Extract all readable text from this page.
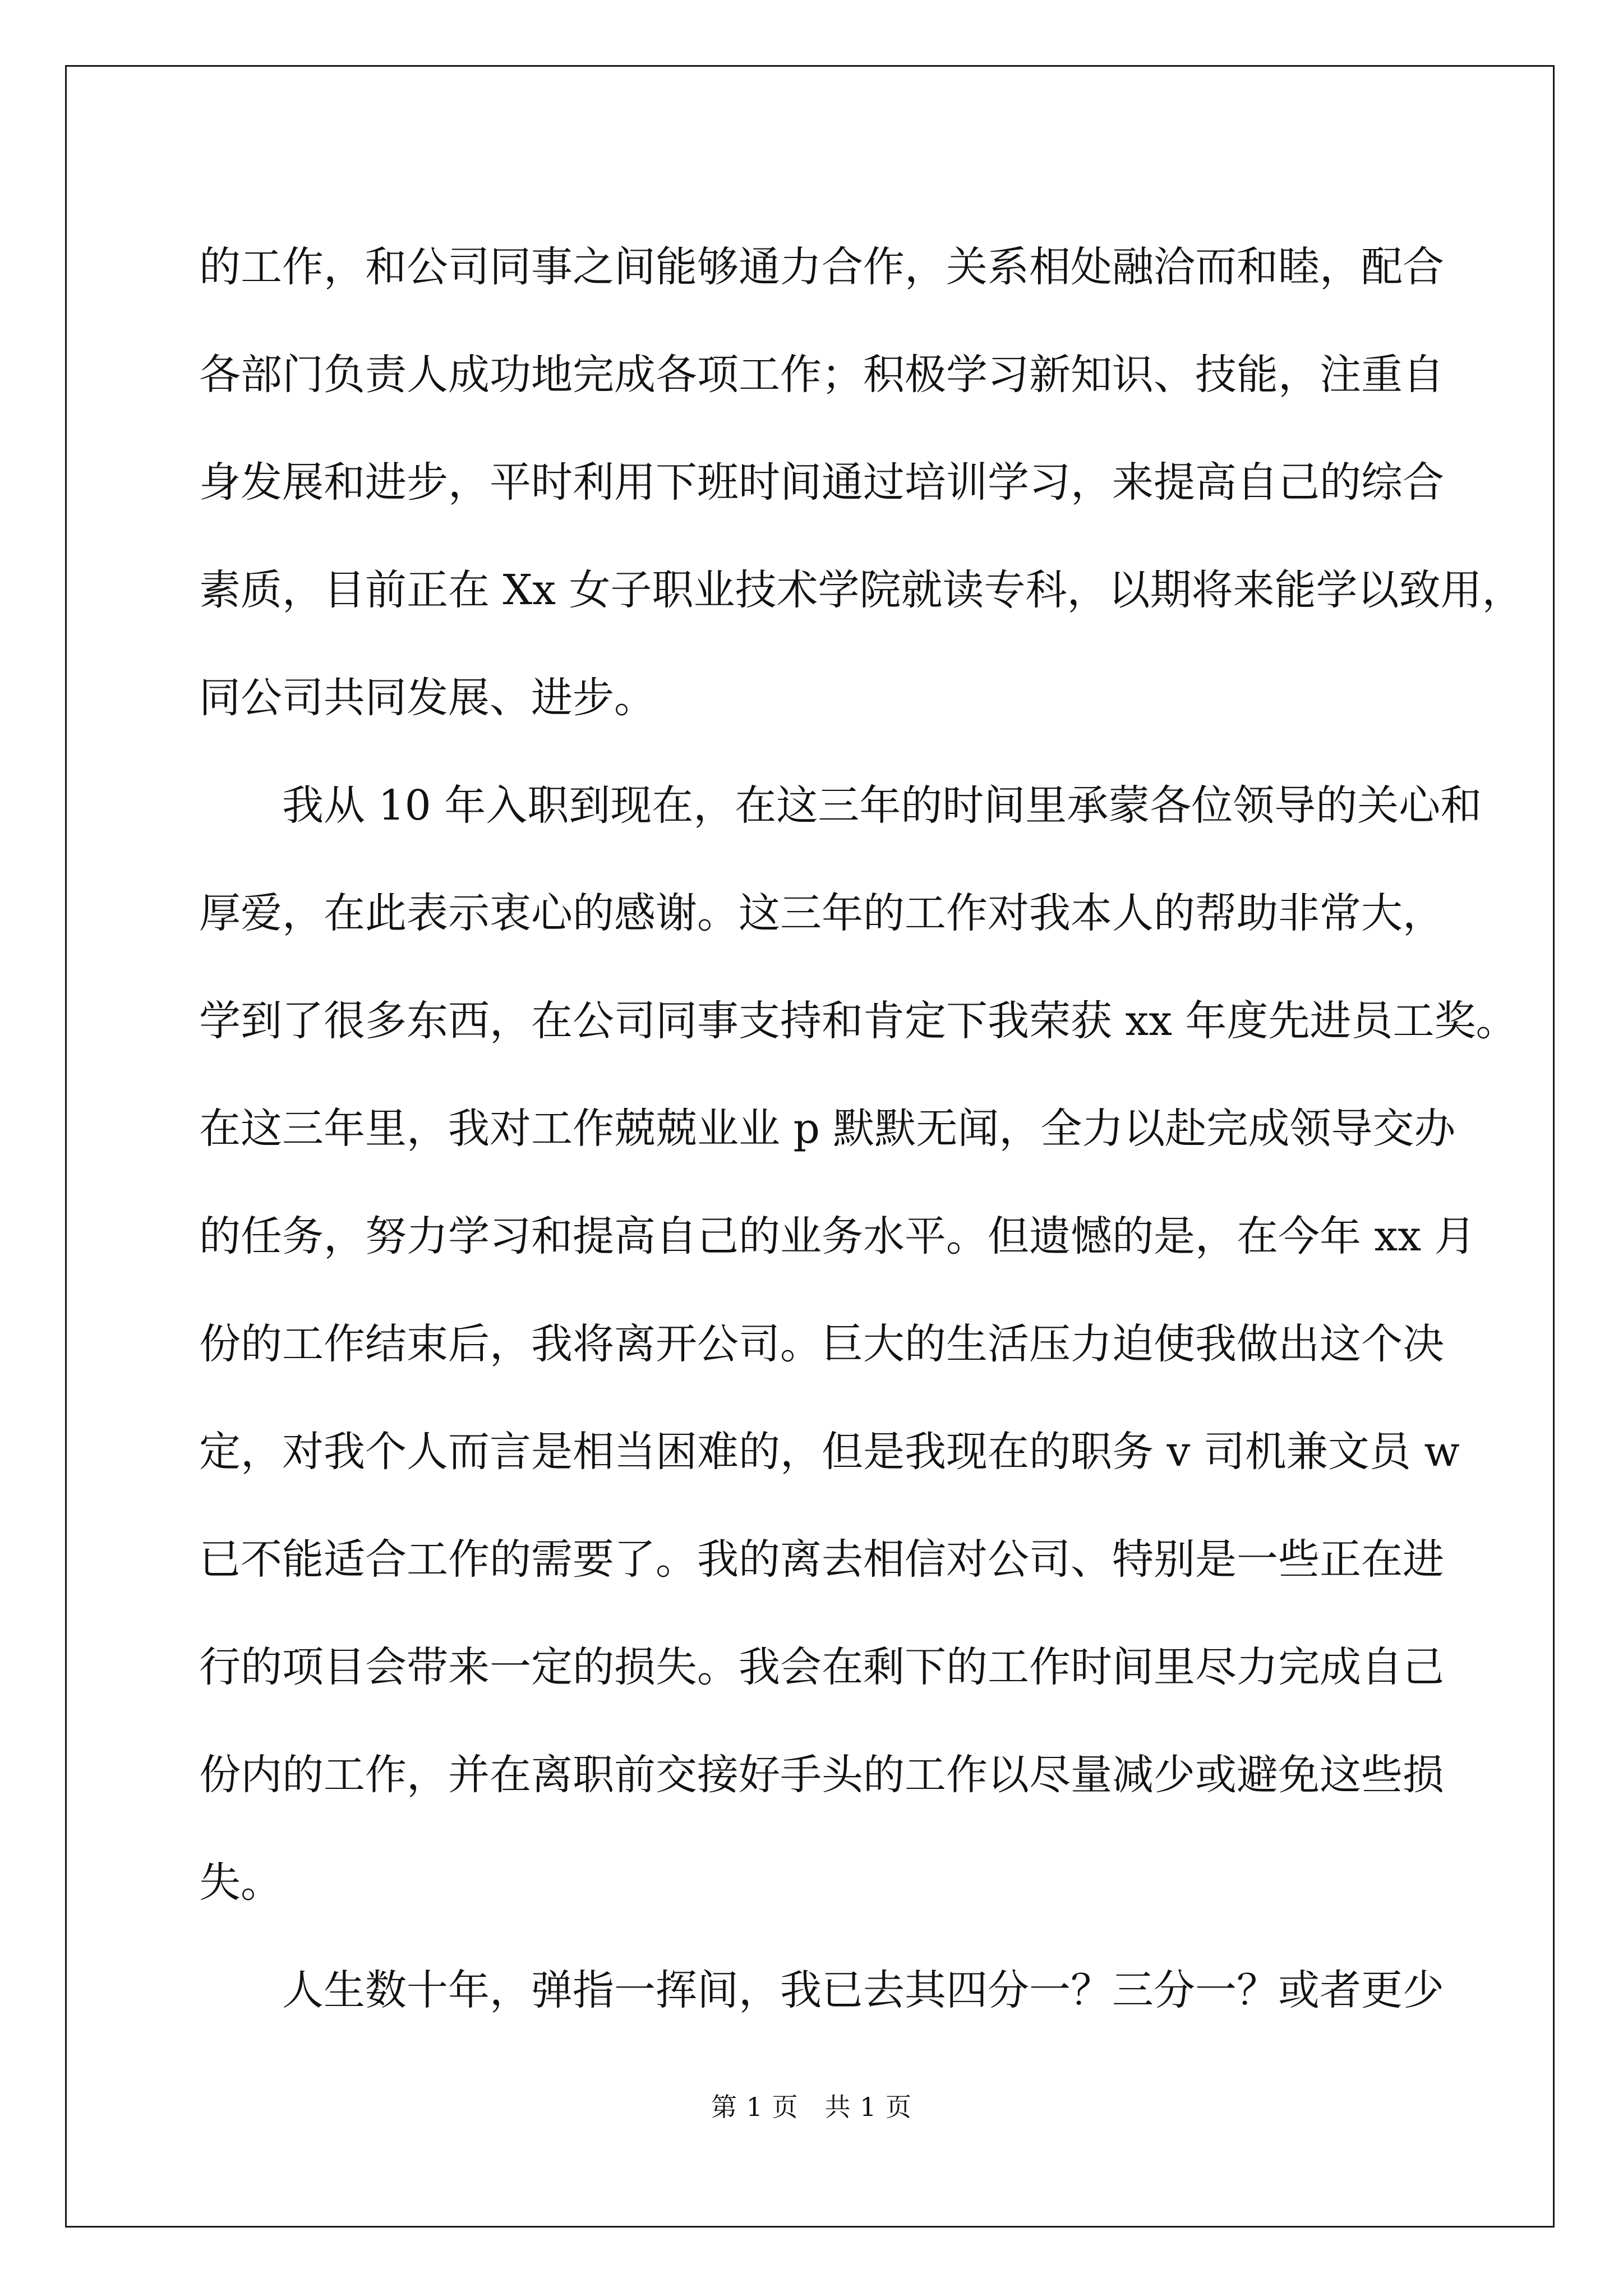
的工作，和公司同事之间能够通力合作，关系相处融洽而和睦，配合
各部门负责人成功地完成各项工作；积极学习新知识、技能，注重自
身发展和进步，平时利用下班时间通过培训学习，来提高自己的综合
素质，目前正在 Xx 女子职业技术学院就读专科，以期将来能学以致用，
同公司共同发展、进步。
我从 10 年入职到现在，在这三年的时间里承蒙各位领导的关心和
厚爱，在此表示衷心的感谢。这三年的工作对我本人的帮助非常大，
学到了很多东西，在公司同事支持和肯定下我荣获 xx 年度先进员工奖。
在这三年里，我对工作兢兢业业 p 默默无闻，全力以赴完成领导交办
的任务，努力学习和提高自己的业务水平。但遗憾的是，在今年 xx 月
份的工作结束后，我将离开公司。巨大的生活压力迫使我做出这个决
定，对我个人而言是相当困难的，但是我现在的职务 v 司机兼文员 w
已不能适合工作的需要了。我的离去相信对公司、特别是一些正在进
行的项目会带来一定的损失。我会在剩下的工作时间里尽力完成自己
份内的工作，并在离职前交接好手头的工作以尽量减少或避免这些损
失。
人生数十年，弹指一挥间，我已去其四分一？三分一？或者更少
第 1 页　共 1 页
